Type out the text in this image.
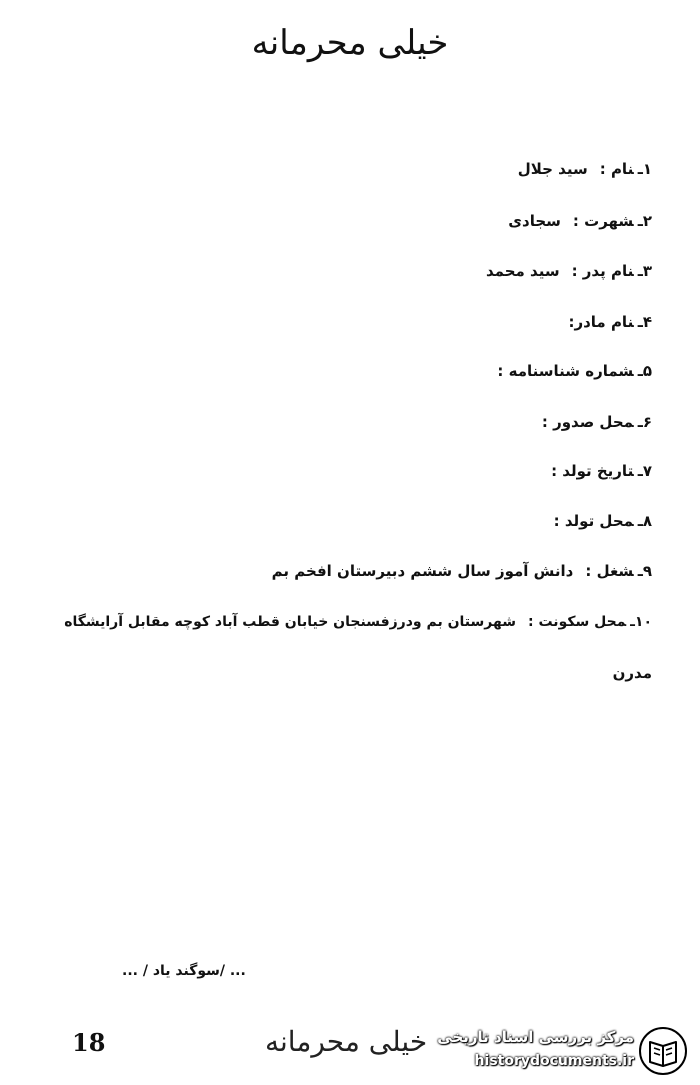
خیلی محرمانه
۱ـنام :سید جلال
۲ـشهرت :سجادی
۳ـنام پدر :سید محمد
۴ـنام مادر:
۵ـشماره شناسنامه :
۶ـمحل صدور :
۷ـتاریخ تولد :
۸ـمحل تولد :
۹ـشغل :دانش آموز سال ششم دبیرستان افخم بم
۱۰ـمحل سکونت :شهرستان بم ودرزفسنجان خیابان قطب آباد کوچه مقابل آرایشگاه
مدرن
... /سوگند یاد / ...
18	خیلی محرمانه مرکز بررسی اسناد تاریخی
historydocuments.ir
